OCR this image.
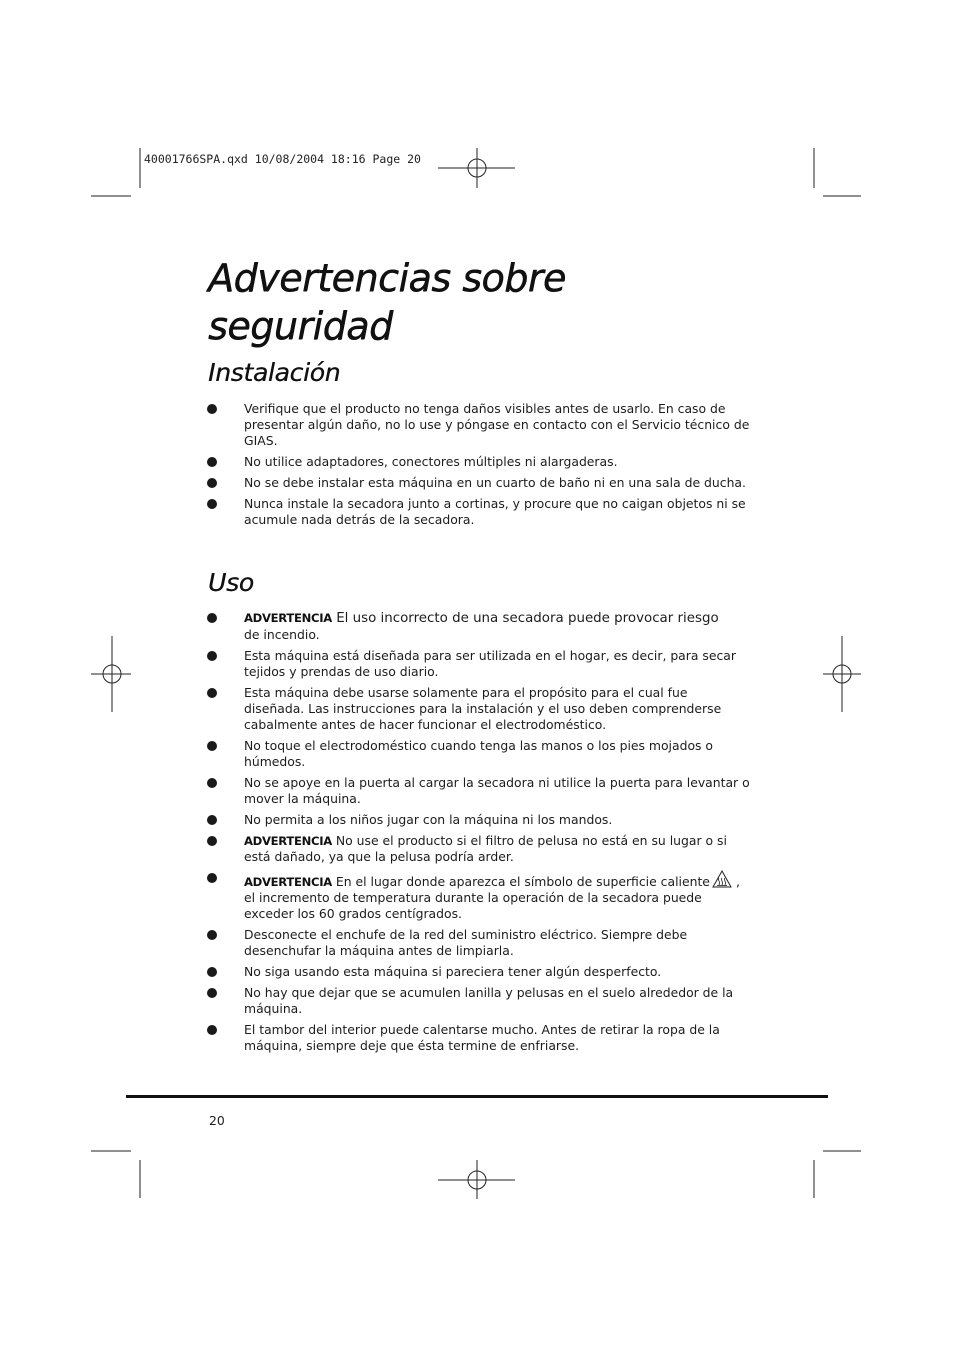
40001766SPA.qxd 10/08/2004 18:16 Page 20
Advertencias sobre
seguridad
Instalación
Verifique que el producto no tenga daños visibles antes de usarlo. En caso de presentar algún daño, no lo use y póngase en contacto con el Servicio técnico de GIAS.
No utilice adaptadores, conectores múltiples ni alargaderas.
No se debe instalar esta máquina en un cuarto de baño ni en una sala de ducha.
Nunca instale la secadora junto a cortinas, y procure que no caigan objetos ni se acumule nada detrás de la secadora.
Uso
ADVERTENCIA El uso incorrecto de una secadora puede provocar riesgo
de incendio.
Esta máquina está diseñada para ser utilizada en el hogar, es decir, para secar tejidos y prendas de uso diario.
Esta máquina debe usarse solamente para el propósito para el cual fue diseñada. Las instrucciones para la instalación y el uso deben comprenderse cabalmente antes de hacer funcionar el electrodoméstico.
No toque el electrodoméstico cuando tenga las manos o los pies mojados o húmedos.
No se apoye en la puerta al cargar la secadora ni utilice la puerta para levantar o mover la máquina.
No permita a los niños jugar con la máquina ni los mandos.
ADVERTENCIA No use el producto si el filtro de pelusa no está en su lugar o si está dañado, ya que la pelusa podría arder.
ADVERTENCIA En el lugar donde aparezca el símbolo de superficie caliente , el incremento de temperatura durante la operación de la secadora puede exceder los 60 grados centígrados.
Desconecte el enchufe de la red del suministro eléctrico. Siempre debe desenchufar la máquina antes de limpiarla.
No siga usando esta máquina si pareciera tener algún desperfecto.
No hay que dejar que se acumulen lanilla y pelusas en el suelo alrededor de la máquina.
El tambor del interior puede calentarse mucho. Antes de retirar la ropa de la máquina, siempre deje que ésta termine de enfriarse.
20
